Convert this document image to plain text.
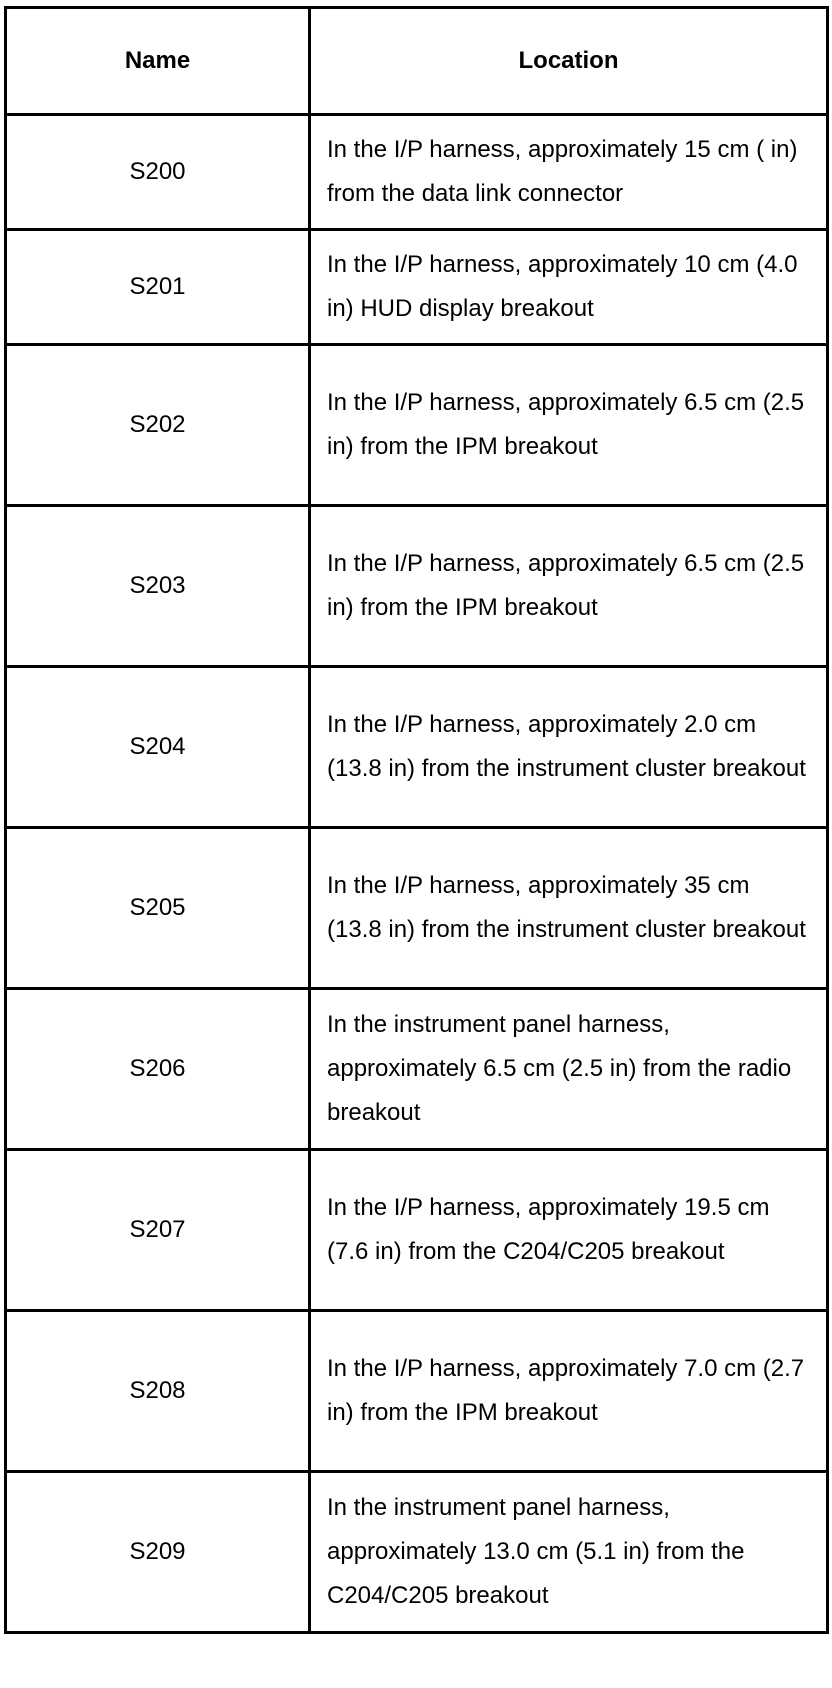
Name	Location
S200	In the I/P harness, approximately 15 cm ( in) from the data link connector
S201	In the I/P harness, approximately 10 cm (4.0 in) HUD display breakout
S202	In the I/P harness, approximately 6.5 cm (2.5 in) from the IPM breakout
S203	In the I/P harness, approximately 6.5 cm (2.5 in) from the IPM breakout
S204	In the I/P harness, approximately 2.0 cm (13.8 in) from the instrument cluster breakout
S205	In the I/P harness, approximately 35 cm (13.8 in) from the instrument cluster breakout
S206	In the instrument panel harness, approximately 6.5 cm (2.5 in) from the radio breakout
S207	In the I/P harness, approximately 19.5 cm (7.6 in) from the C204/C205 breakout
S208	In the I/P harness, approximately 7.0 cm (2.7 in) from the IPM breakout
S209	In the instrument panel harness, approximately 13.0 cm (5.1 in) from the C204/C205 breakout
